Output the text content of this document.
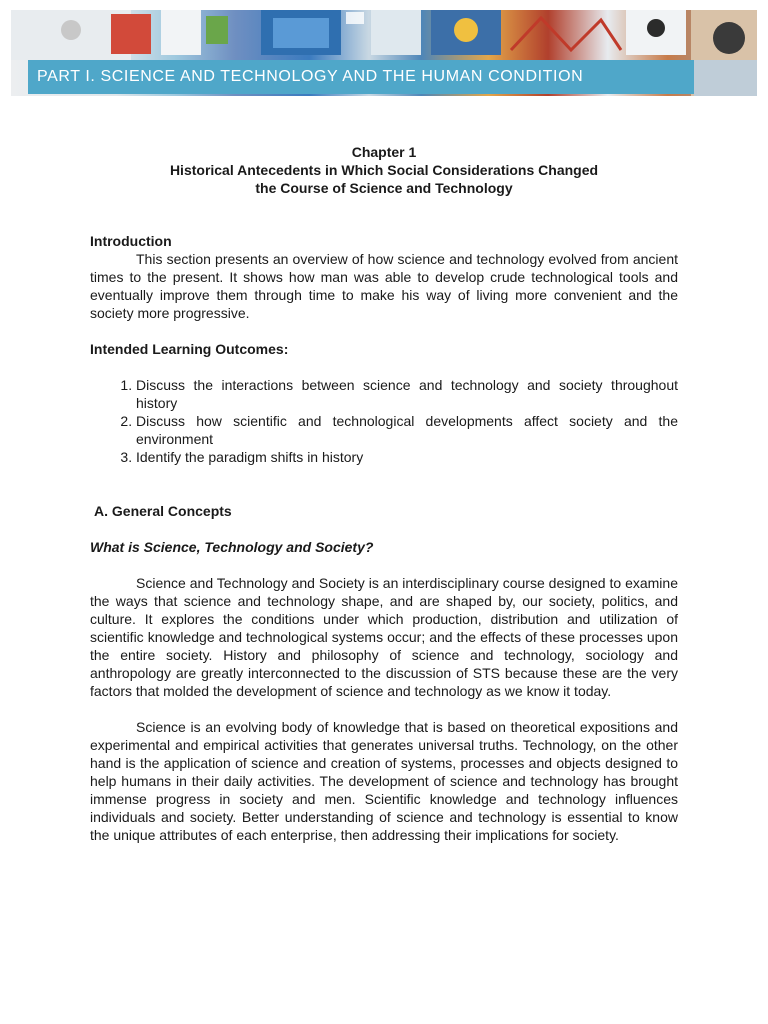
PART I. SCIENCE AND TECHNOLOGY AND THE HUMAN CONDITION
Chapter 1
Historical Antecedents in Which Social Considerations Changed
the Course of Science and Technology
Introduction

This section presents an overview of how science and technology evolved from ancient times to the present. It shows how man was able to develop crude technological tools and eventually improve them through time to make his way of living more convenient and the society more progressive.

Intended Learning Outcomes:
1. Discuss the interactions between science and technology and society throughout history
2. Discuss how scientific and technological developments affect society and the environment
3. Identify the paradigm shifts in history
A. General Concepts
What is Science, Technology and Society?

Science and Technology and Society is an interdisciplinary course designed to examine the ways that science and technology shape, and are shaped by, our society, politics, and culture. It explores the conditions under which production, distribution and utilization of scientific knowledge and technological systems occur; and the effects of these processes upon the entire society. History and philosophy of science and technology, sociology and anthropology are greatly interconnected to the discussion of STS because these are the very factors that molded the development of science and technology as we know it today.

Science is an evolving body of knowledge that is based on theoretical expositions and experimental and empirical activities that generates universal truths. Technology, on the other hand is the application of science and creation of systems, processes and objects designed to help humans in their daily activities. The development of science and technology has brought immense progress in society and men. Scientific knowledge and technology influences individuals and society. Better understanding of science and technology is essential to know the unique attributes of each enterprise, then addressing their implications for society.
